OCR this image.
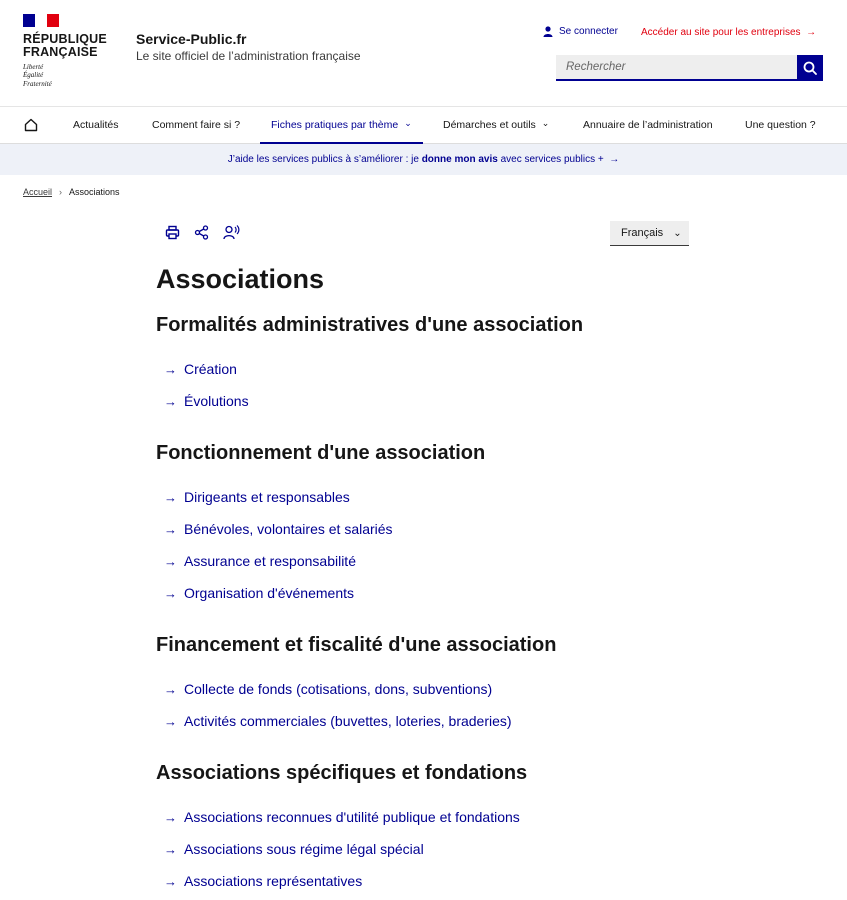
RÉPUBLIQUE
FRANÇAISE
Liberté
Égalité
Fraternité
Service-Public.fr
Le site officiel de l’administration française
Se connecter Accéder au site pour les entreprises  →
Rechercher
Actualités	Comment faire si ?	Fiches pratiques par thème ⌄	Démarches et outils ⌄	Annuaire de l’administration	Une question ?
J’aide les services publics à s’améliorer : je donne mon avis avec services publics +  →
Accueil › Associations
Français ⌄
Associations
Formalités administratives d'une association
→ Création
→ Évolutions
Fonctionnement d'une association
→ Dirigeants et responsables
→ Bénévoles, volontaires et salariés
→ Assurance et responsabilité
→ Organisation d'événements
Financement et fiscalité d'une association
→ Collecte de fonds (cotisations, dons, subventions)
→ Activités commerciales (buvettes, loteries, braderies)
Associations spécifiques et fondations
→ Associations reconnues d'utilité publique et fondations
→ Associations sous régime légal spécial
→ Associations représentatives
